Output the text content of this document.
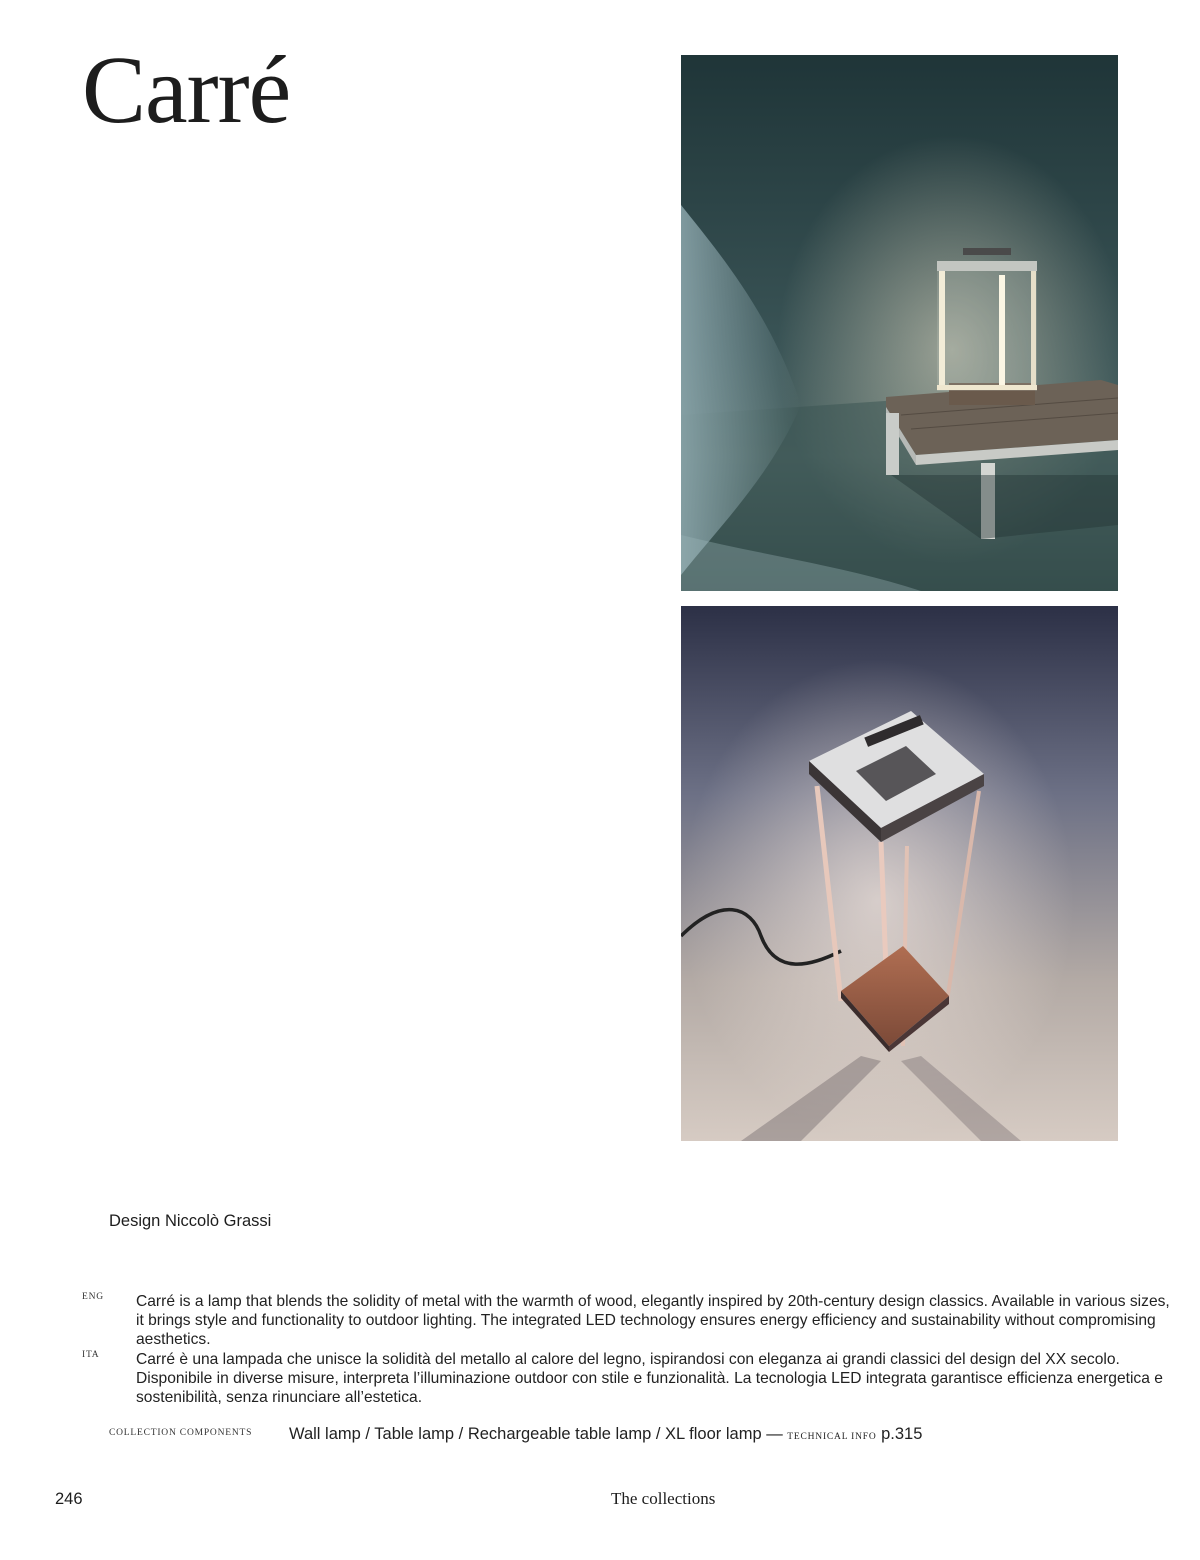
Carré
Design Niccolò Grassi
ENG Carré is a lamp that blends the solidity of metal with the warmth of wood, elegantly inspired by 20th-century design classics. Available in various sizes, it brings style and functionality to outdoor lighting. The integrated LED technology ensures energy efficiency and sustainability without compromising aesthetics.

ITA Carré è una lampada che unisce la solidità del metallo al calore del legno, ispirandosi con eleganza ai grandi classici del design del XX secolo. Disponibile in diverse misure, interpreta l’illuminazione outdoor con stile e funzionalità. La tecnologia LED integrata garantisce efficienza energetica e sostenibilità, senza rinunciare all’estetica.

COLLECTION COMPONENTS Wall lamp / Table lamp / Rechargeable table lamp / XL floor lamp — TECHNICAL INFO p.315
246	The collections
